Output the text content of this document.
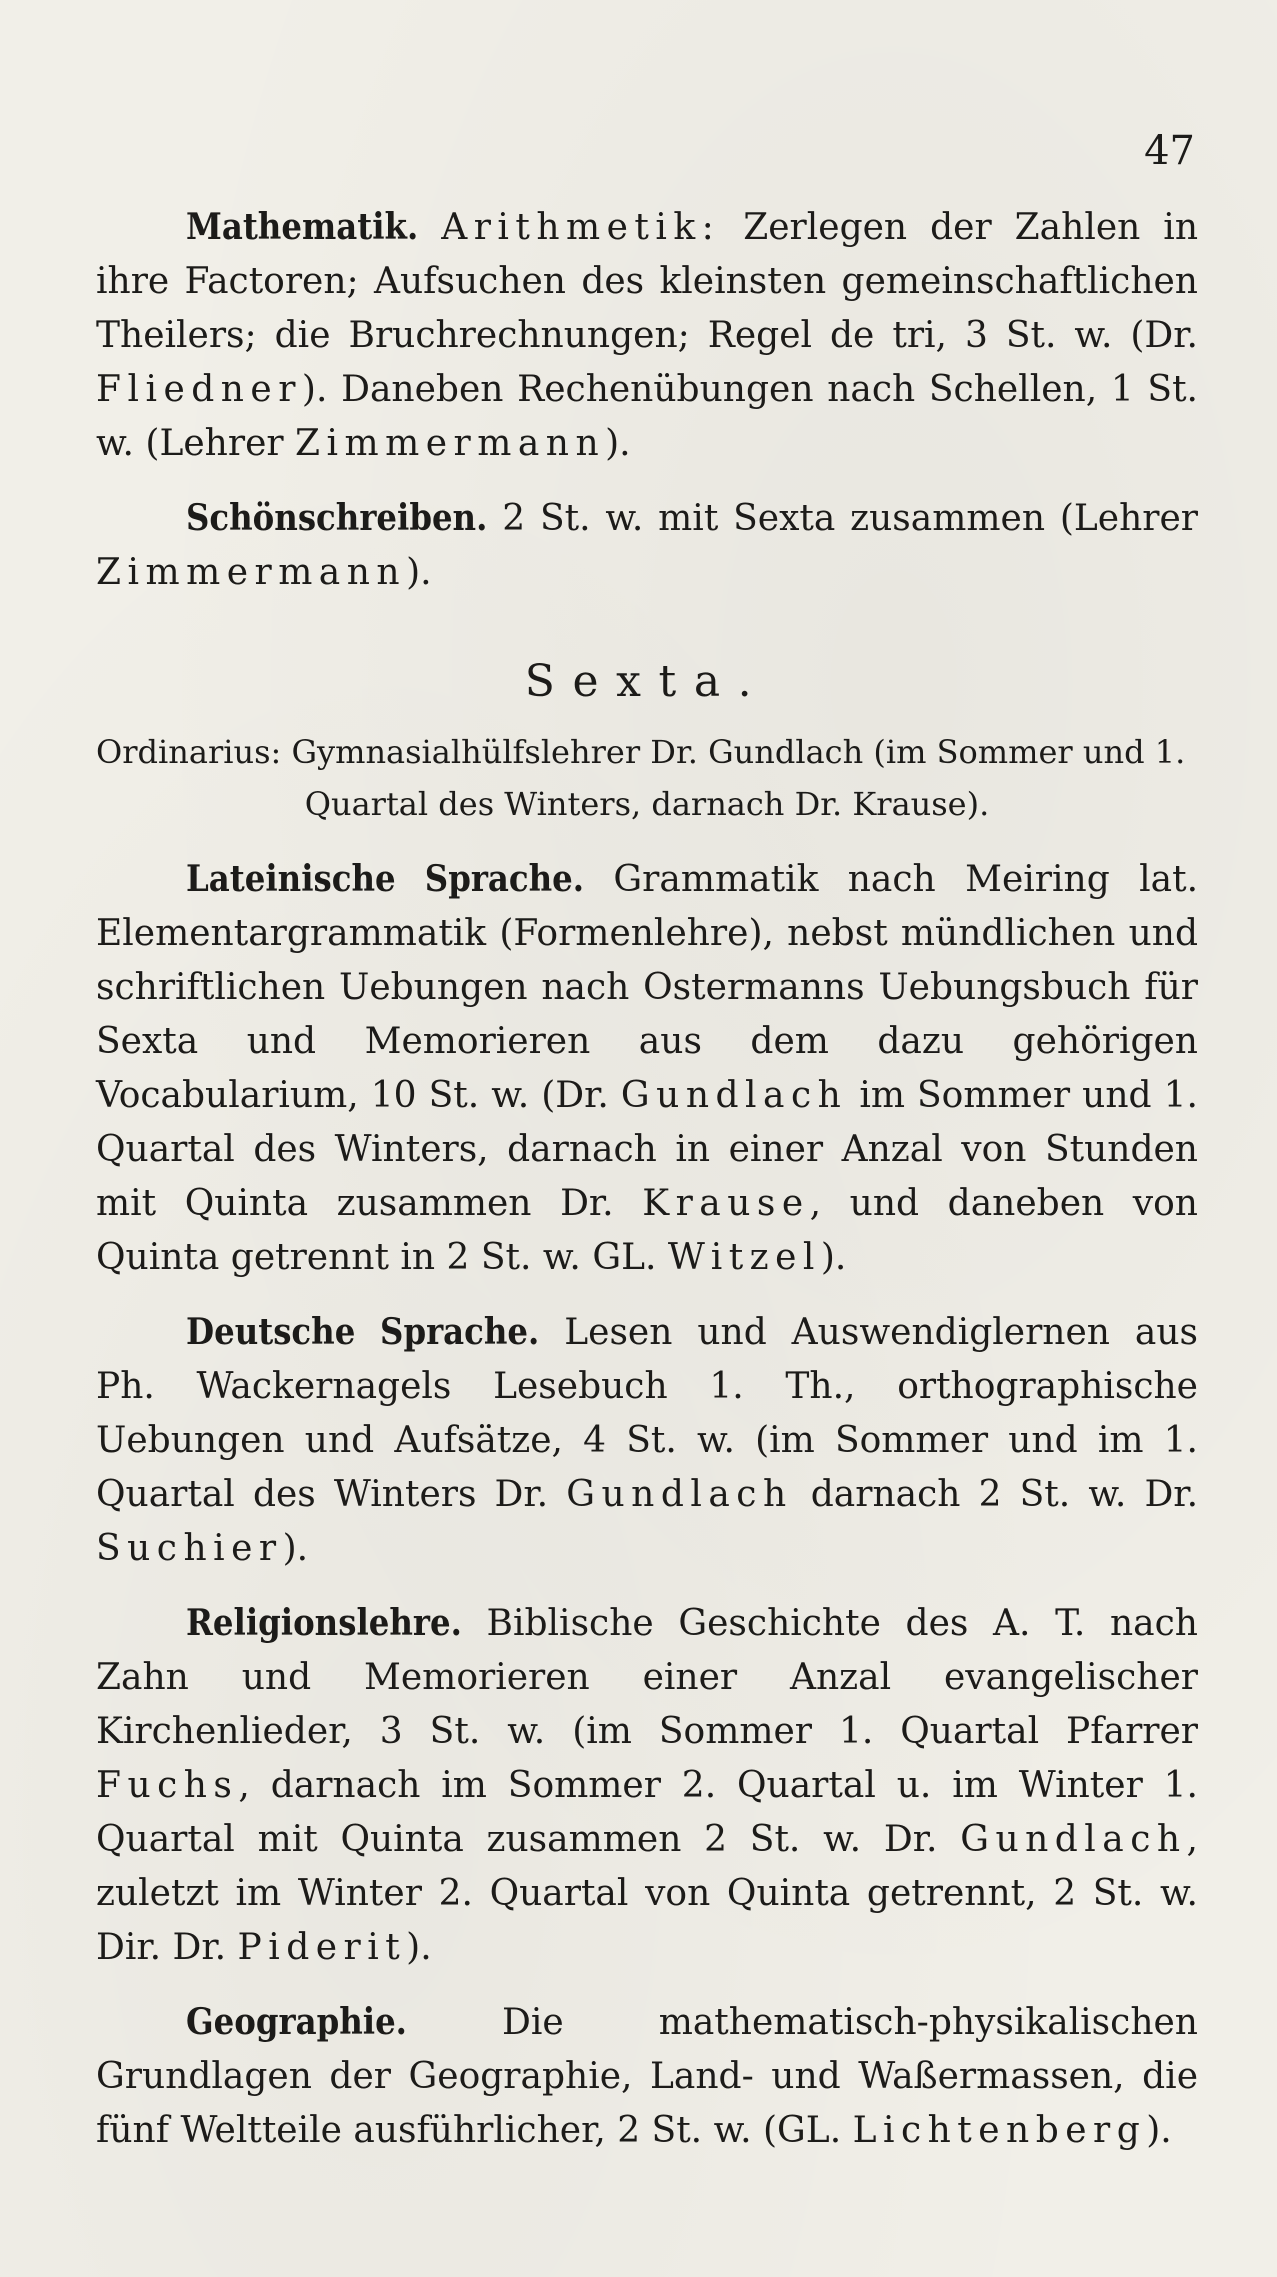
47

Mathematik. Arithmetik: Zerlegen der Zahlen in ihre Factoren; Aufsuchen des kleinsten gemeinschaftlichen Theilers; die Bruchrechnungen; Regel de tri, 3 St. w. (Dr. Fliedner). Daneben Rechenübungen nach Schellen, 1 St. w. (Lehrer Zimmermann).

Schönschreiben. 2 St. w. mit Sexta zusammen (Lehrer Zimmermann).

Sexta.

Ordinarius: Gymnasialhülfslehrer Dr. Gundlach (im Sommer und 1.
Quartal des Winters, darnach Dr. Krause).

Lateinische Sprache. Grammatik nach Meiring lat. Elementargrammatik (Formenlehre), nebst mündlichen und schriftlichen Uebungen nach Ostermanns Uebungsbuch für Sexta und Memorieren aus dem dazu gehörigen Vocabularium, 10 St. w. (Dr. Gundlach im Sommer und 1. Quartal des Winters, darnach in einer Anzal von Stunden mit Quinta zusammen Dr. Krause, und daneben von Quinta getrennt in 2 St. w. GL. Witzel).

Deutsche Sprache. Lesen und Auswendiglernen aus Ph. Wackernagels Lesebuch 1. Th., orthographische Uebungen und Aufsätze, 4 St. w. (im Sommer und im 1. Quartal des Winters Dr. Gundlach darnach 2 St. w. Dr. Suchier).

Religionslehre. Biblische Geschichte des A. T. nach Zahn und Memorieren einer Anzal evangelischer Kirchenlieder, 3 St. w. (im Sommer 1. Quartal Pfarrer Fuchs, darnach im Sommer 2. Quartal u. im Winter 1. Quartal mit Quinta zusammen 2 St. w. Dr. Gundlach, zuletzt im Winter 2. Quartal von Quinta getrennt, 2 St. w. Dir. Dr. Piderit).

Geographie. Die mathematisch-physikalischen Grundlagen der Geographie, Land- und Waßermassen, die fünf Weltteile ausführlicher, 2 St. w. (GL. Lichtenberg).
